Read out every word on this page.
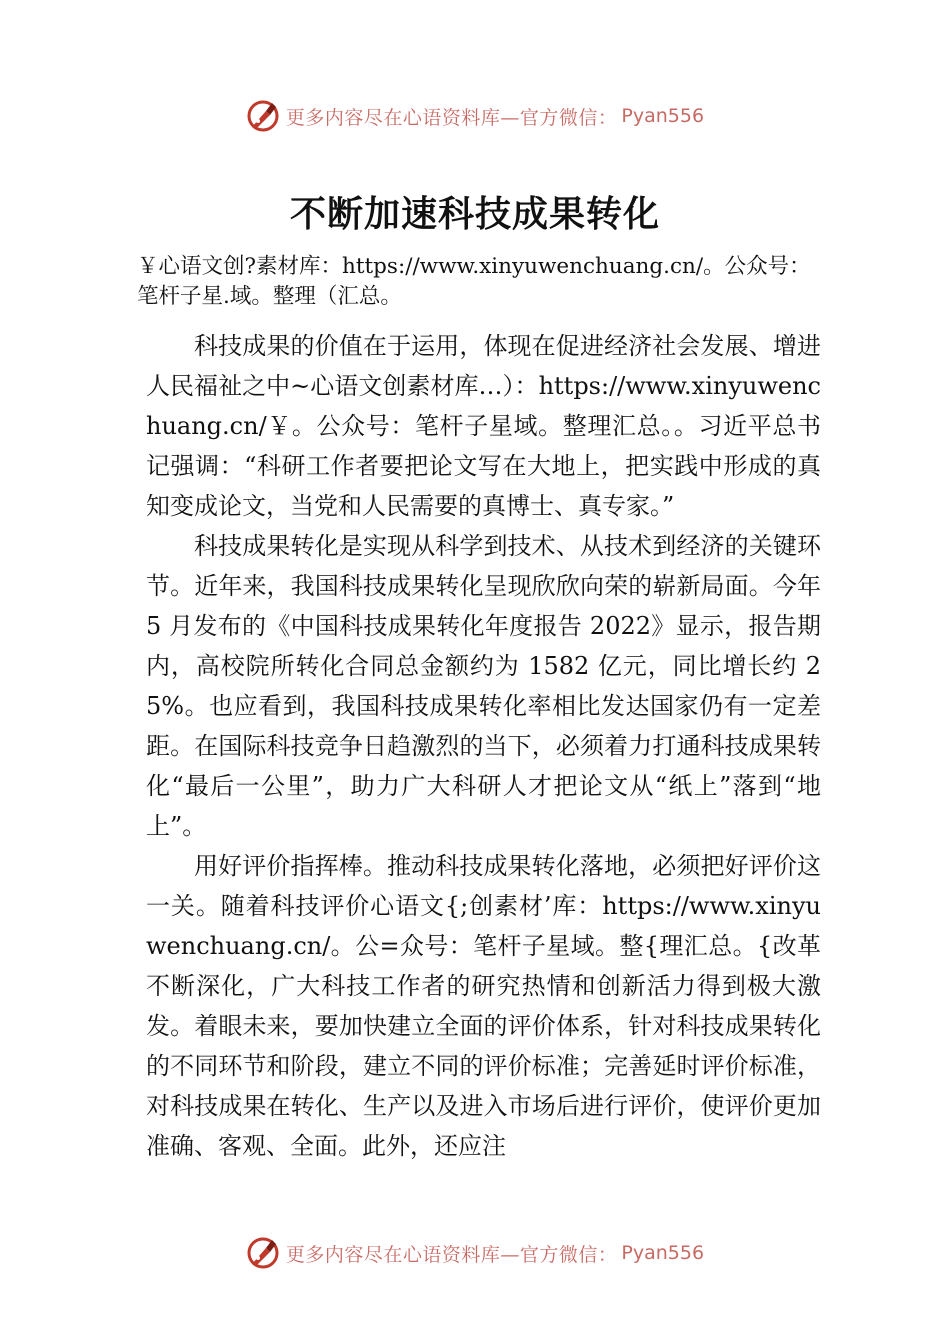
更多内容尽在心语资料库—官方微信： Pyan556
不断加速科技成果转化

￥心语文创?素材库：https://www.xinyuwenchuang.cn/。公众号：笔杆子星.域。整理（汇总。

科技成果的价值在于运用，体现在促进经济社会发展、增进人民福祉之中~心语文创素材库…）：https://www.xinyuwenchuang.cn/￥。公众号：笔杆子星域。整理汇总。。习近平总书记强调：“科研工作者要把论文写在大地上，把实践中形成的真知变成论文，当党和人民需要的真博士、真专家。”

科技成果转化是实现从科学到技术、从技术到经济的关键环节。近年来，我国科技成果转化呈现欣欣向荣的崭新局面。今年 5 月发布的《中国科技成果转化年度报告 2022》显示，报告期内，高校院所转化合同总金额约为 1582 亿元，同比增长约 25%。也应看到，我国科技成果转化率相比发达国家仍有一定差距。在国际科技竞争日趋激烈的当下，必须着力打通科技成果转化“最后一公里”，助力广大科研人才把论文从“纸上”落到“地上”。

用好评价指挥棒。推动科技成果转化落地，必须把好评价这一关。随着科技评价心语文{;创素材’库：https://www.xinyuwenchuang.cn/。公=众号：笔杆子星域。整{理汇总。{改革不断深化，广大科技工作者的研究热情和创新活力得到极大激发。着眼未来，要加快建立全面的评价体系，针对科技成果转化的不同环节和阶段，建立不同的评价标准；完善延时评价标准，对科技成果在转化、生产以及进入市场后进行评价，使评价更加准确、客观、全面。此外，还应注

更多内容尽在心语资料库—官方微信： Pyan556
